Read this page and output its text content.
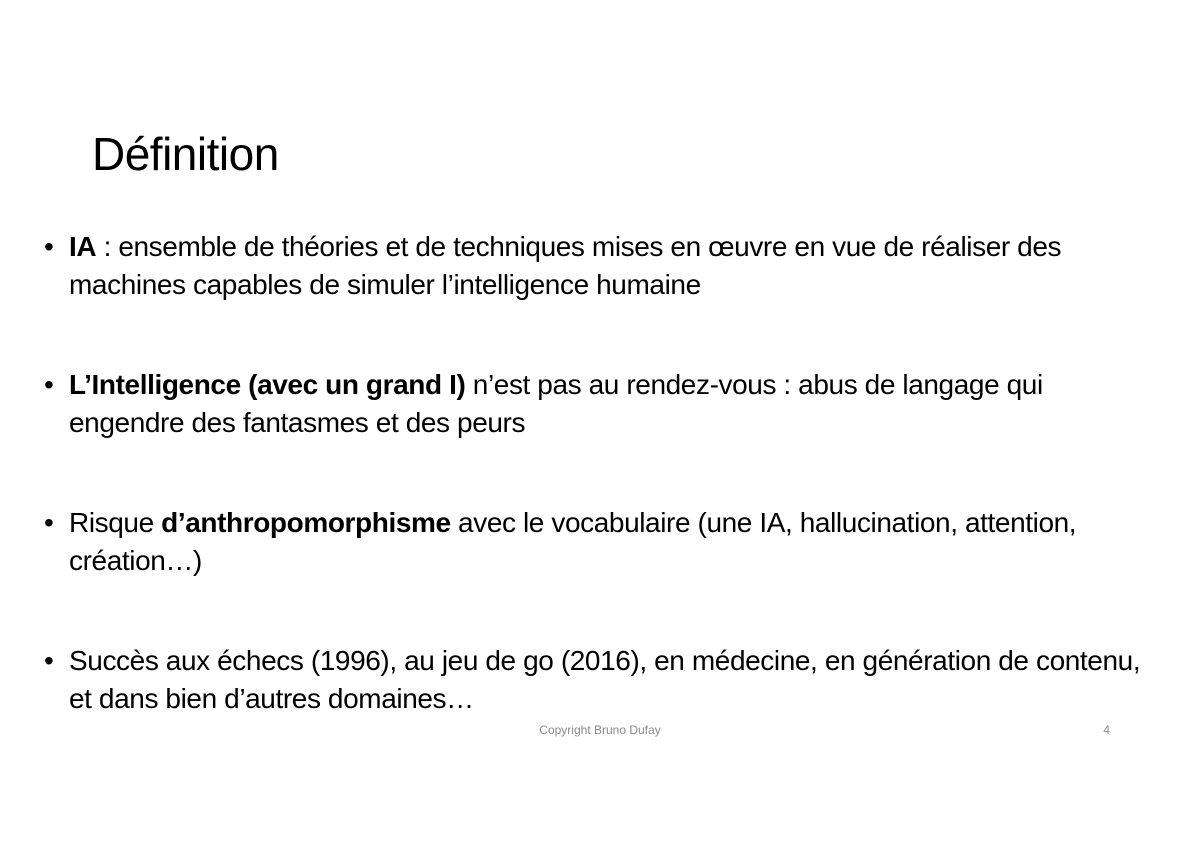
Définition
• IA : ensemble de théories et de techniques mises en œuvre en vue de réaliser des machines capables de simuler l’intelligence humaine
• L’Intelligence (avec un grand I) n’est pas au rendez-vous : abus de langage qui engendre des fantasmes et des peurs
• Risque d’anthropomorphisme avec le vocabulaire (une IA, hallucination, attention, création…)
• Succès aux échecs (1996), au jeu de go (2016), en médecine, en génération de contenu, et dans bien d’autres domaines…
Copyright Bruno Dufay	4
